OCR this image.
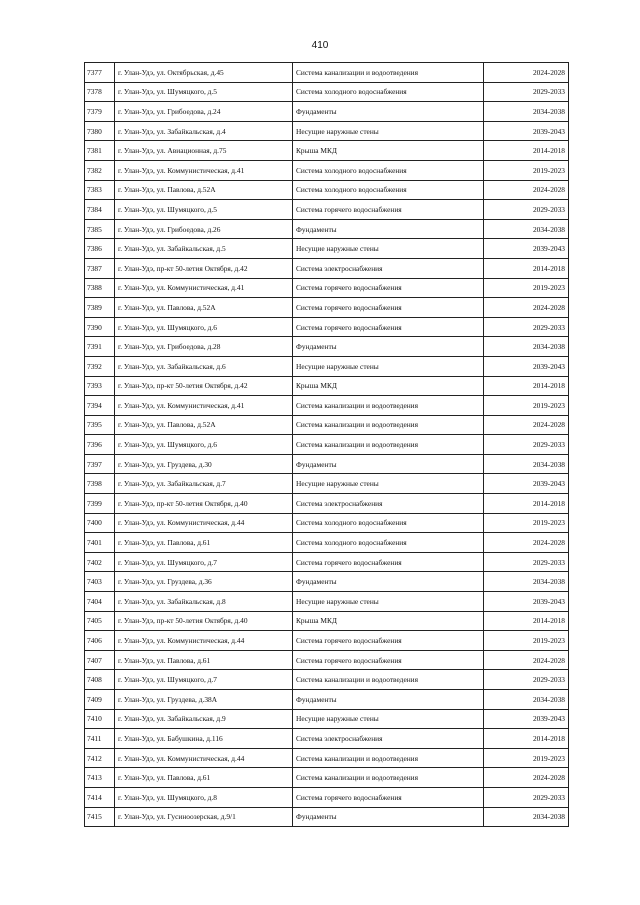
410
7377	г. Улан-Удэ, ул. Октябрьская, д.45	Система канализации и водоотведения	2024-2028
7378	г. Улан-Удэ, ул. Шумяцкого, д.5	Система холодного водоснабжения	2029-2033
7379	г. Улан-Удэ, ул. Грибоедова, д.24	Фундаменты	2034-2038
7380	г. Улан-Удэ, ул. Забайкальская, д.4	Несущие наружные стены	2039-2043
7381	г. Улан-Удэ, ул. Авиационная, д.75	Крыша МКД	2014-2018
7382	г. Улан-Удэ, ул. Коммунистическая, д.41	Система холодного водоснабжения	2019-2023
7383	г. Улан-Удэ, ул. Павлова, д.52А	Система холодного водоснабжения	2024-2028
7384	г. Улан-Удэ, ул. Шумяцкого, д.5	Система горячего водоснабжения	2029-2033
7385	г. Улан-Удэ, ул. Грибоедова, д.26	Фундаменты	2034-2038
7386	г. Улан-Удэ, ул. Забайкальская, д.5	Несущие наружные стены	2039-2043
7387	г. Улан-Удэ, пр-кт 50-летия Октября, д.42	Система электроснабжения	2014-2018
7388	г. Улан-Удэ, ул. Коммунистическая, д.41	Система горячего водоснабжения	2019-2023
7389	г. Улан-Удэ, ул. Павлова, д.52А	Система горячего водоснабжения	2024-2028
7390	г. Улан-Удэ, ул. Шумяцкого, д.6	Система горячего водоснабжения	2029-2033
7391	г. Улан-Удэ, ул. Грибоедова, д.28	Фундаменты	2034-2038
7392	г. Улан-Удэ, ул. Забайкальская, д.6	Несущие наружные стены	2039-2043
7393	г. Улан-Удэ, пр-кт 50-летия Октября, д.42	Крыша МКД	2014-2018
7394	г. Улан-Удэ, ул. Коммунистическая, д.41	Система канализации и водоотведения	2019-2023
7395	г. Улан-Удэ, ул. Павлова, д.52А	Система канализации и водоотведения	2024-2028
7396	г. Улан-Удэ, ул. Шумяцкого, д.6	Система канализации и водоотведения	2029-2033
7397	г. Улан-Удэ, ул. Груздева, д.30	Фундаменты	2034-2038
7398	г. Улан-Удэ, ул. Забайкальская, д.7	Несущие наружные стены	2039-2043
7399	г. Улан-Удэ, пр-кт 50-летия Октября, д.40	Система электроснабжения	2014-2018
7400	г. Улан-Удэ, ул. Коммунистическая, д.44	Система холодного водоснабжения	2019-2023
7401	г. Улан-Удэ, ул. Павлова, д.61	Система холодного водоснабжения	2024-2028
7402	г. Улан-Удэ, ул. Шумяцкого, д.7	Система горячего водоснабжения	2029-2033
7403	г. Улан-Удэ, ул. Груздева, д.36	Фундаменты	2034-2038
7404	г. Улан-Удэ, ул. Забайкальская, д.8	Несущие наружные стены	2039-2043
7405	г. Улан-Удэ, пр-кт 50-летия Октября, д.40	Крыша МКД	2014-2018
7406	г. Улан-Удэ, ул. Коммунистическая, д.44	Система горячего водоснабжения	2019-2023
7407	г. Улан-Удэ, ул. Павлова, д.61	Система горячего водоснабжения	2024-2028
7408	г. Улан-Удэ, ул. Шумяцкого, д.7	Система канализации и водоотведения	2029-2033
7409	г. Улан-Удэ, ул. Груздева, д.38А	Фундаменты	2034-2038
7410	г. Улан-Удэ, ул. Забайкальская, д.9	Несущие наружные стены	2039-2043
7411	г. Улан-Удэ, ул. Бабушкина, д.116	Система электроснабжения	2014-2018
7412	г. Улан-Удэ, ул. Коммунистическая, д.44	Система канализации и водоотведения	2019-2023
7413	г. Улан-Удэ, ул. Павлова, д.61	Система канализации и водоотведения	2024-2028
7414	г. Улан-Удэ, ул. Шумяцкого, д.8	Система горячего водоснабжения	2029-2033
7415	г. Улан-Удэ, ул. Гусиноозерская, д.9/1	Фундаменты	2034-2038
